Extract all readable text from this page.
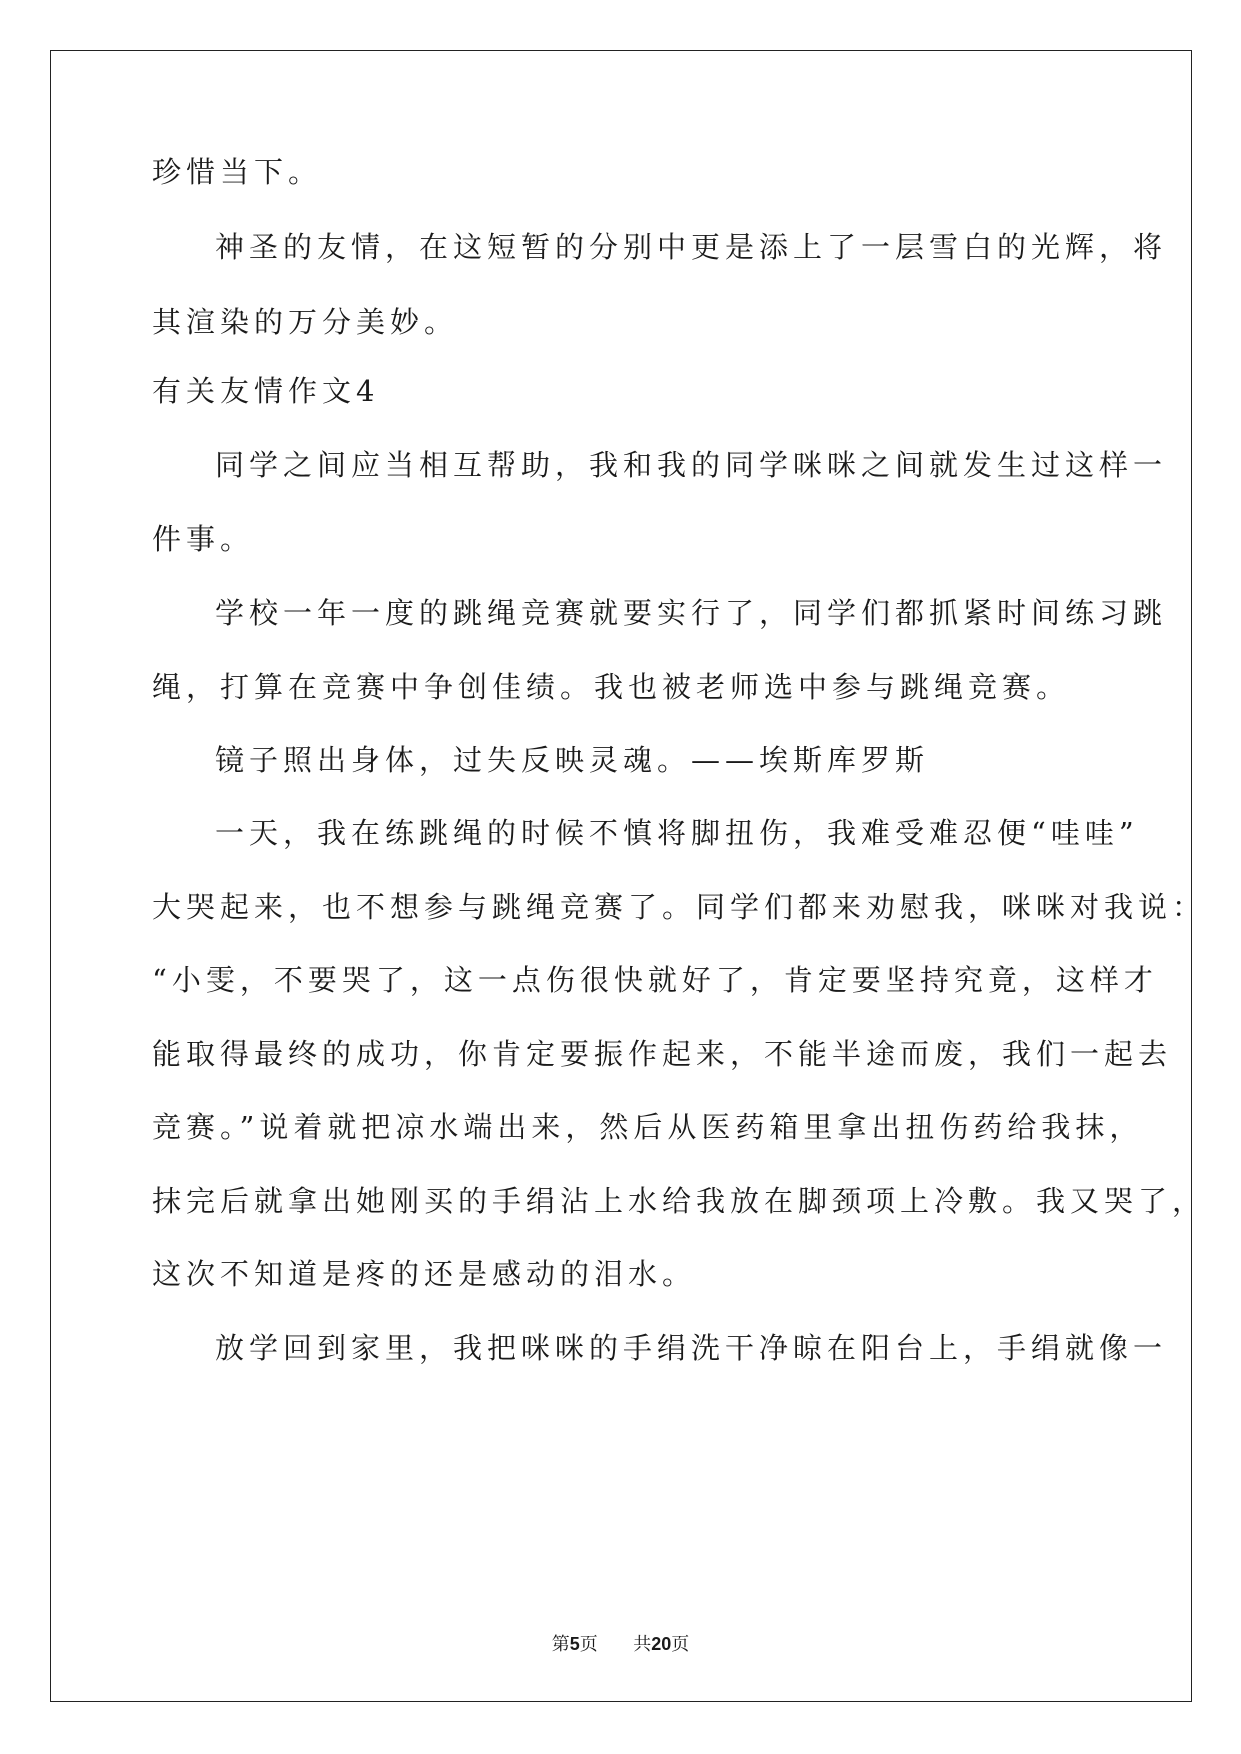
珍惜当下。
神圣的友情，在这短暂的分别中更是添上了一层雪白的光辉，将
其渲染的万分美妙。
有关友情作文4
同学之间应当相互帮助，我和我的同学咪咪之间就发生过这样一
件事。
学校一年一度的跳绳竞赛就要实行了，同学们都抓紧时间练习跳
绳，打算在竞赛中争创佳绩。我也被老师选中参与跳绳竞赛。
镜子照出身体，过失反映灵魂。——埃斯库罗斯
一天，我在练跳绳的时候不慎将脚扭伤，我难受难忍便“哇哇”
大哭起来，也不想参与跳绳竞赛了。同学们都来劝慰我，咪咪对我说：
“小雯，不要哭了，这一点伤很快就好了，肯定要坚持究竟，这样才
能取得最终的成功，你肯定要振作起来，不能半途而废，我们一起去
竞赛。”说着就把凉水端出来，然后从医药箱里拿出扭伤药给我抹，
抹完后就拿出她刚买的手绢沾上水给我放在脚颈项上冷敷。我又哭了，
这次不知道是疼的还是感动的泪水。
放学回到家里，我把咪咪的手绢洗干净晾在阳台上，手绢就像一
第5页 共20页
